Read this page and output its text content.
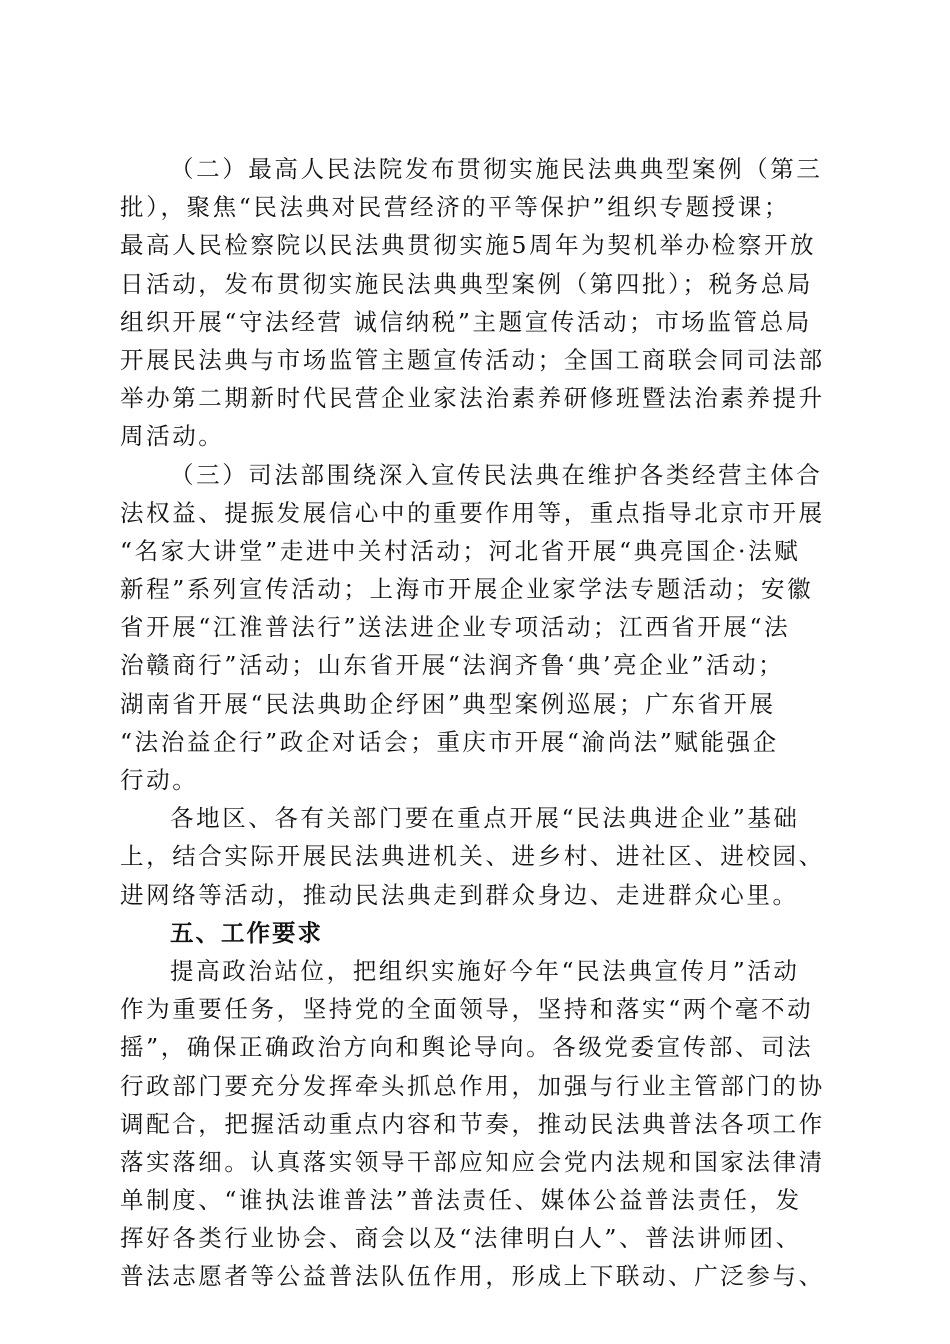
（二）最高人民法院发布贯彻实施民法典典型案例（第三
批），聚焦“民法典对民营经济的平等保护”组织专题授课；
最高人民检察院以民法典贯彻实施5周年为契机举办检察开放
日活动，发布贯彻实施民法典典型案例（第四批）；税务总局
组织开展“守法经营 诚信纳税”主题宣传活动；市场监管总局
开展民法典与市场监管主题宣传活动；全国工商联会同司法部
举办第二期新时代民营企业家法治素养研修班暨法治素养提升
周活动。
（三）司法部围绕深入宣传民法典在维护各类经营主体合
法权益、提振发展信心中的重要作用等，重点指导北京市开展
“名家大讲堂”走进中关村活动；河北省开展“典亮国企·法赋
新程”系列宣传活动；上海市开展企业家学法专题活动；安徽
省开展“江淮普法行”送法进企业专项活动；江西省开展“法
治赣商行”活动；山东省开展“法润齐鲁‘典’亮企业”活动；
湖南省开展“民法典助企纾困”典型案例巡展；广东省开展
“法治益企行”政企对话会；重庆市开展“渝尚法”赋能强企
行动。
各地区、各有关部门要在重点开展“民法典进企业”基础
上，结合实际开展民法典进机关、进乡村、进社区、进校园、
进网络等活动，推动民法典走到群众身边、走进群众心里。
五、工作要求
提高政治站位，把组织实施好今年“民法典宣传月”活动
作为重要任务，坚持党的全面领导，坚持和落实“两个毫不动
摇”，确保正确政治方向和舆论导向。各级党委宣传部、司法
行政部门要充分发挥牵头抓总作用，加强与行业主管部门的协
调配合，把握活动重点内容和节奏，推动民法典普法各项工作
落实落细。认真落实领导干部应知应会党内法规和国家法律清
单制度、“谁执法谁普法”普法责任、媒体公益普法责任，发
挥好各类行业协会、商会以及“法律明白人”、普法讲师团、
普法志愿者等公益普法队伍作用，形成上下联动、广泛参与、
